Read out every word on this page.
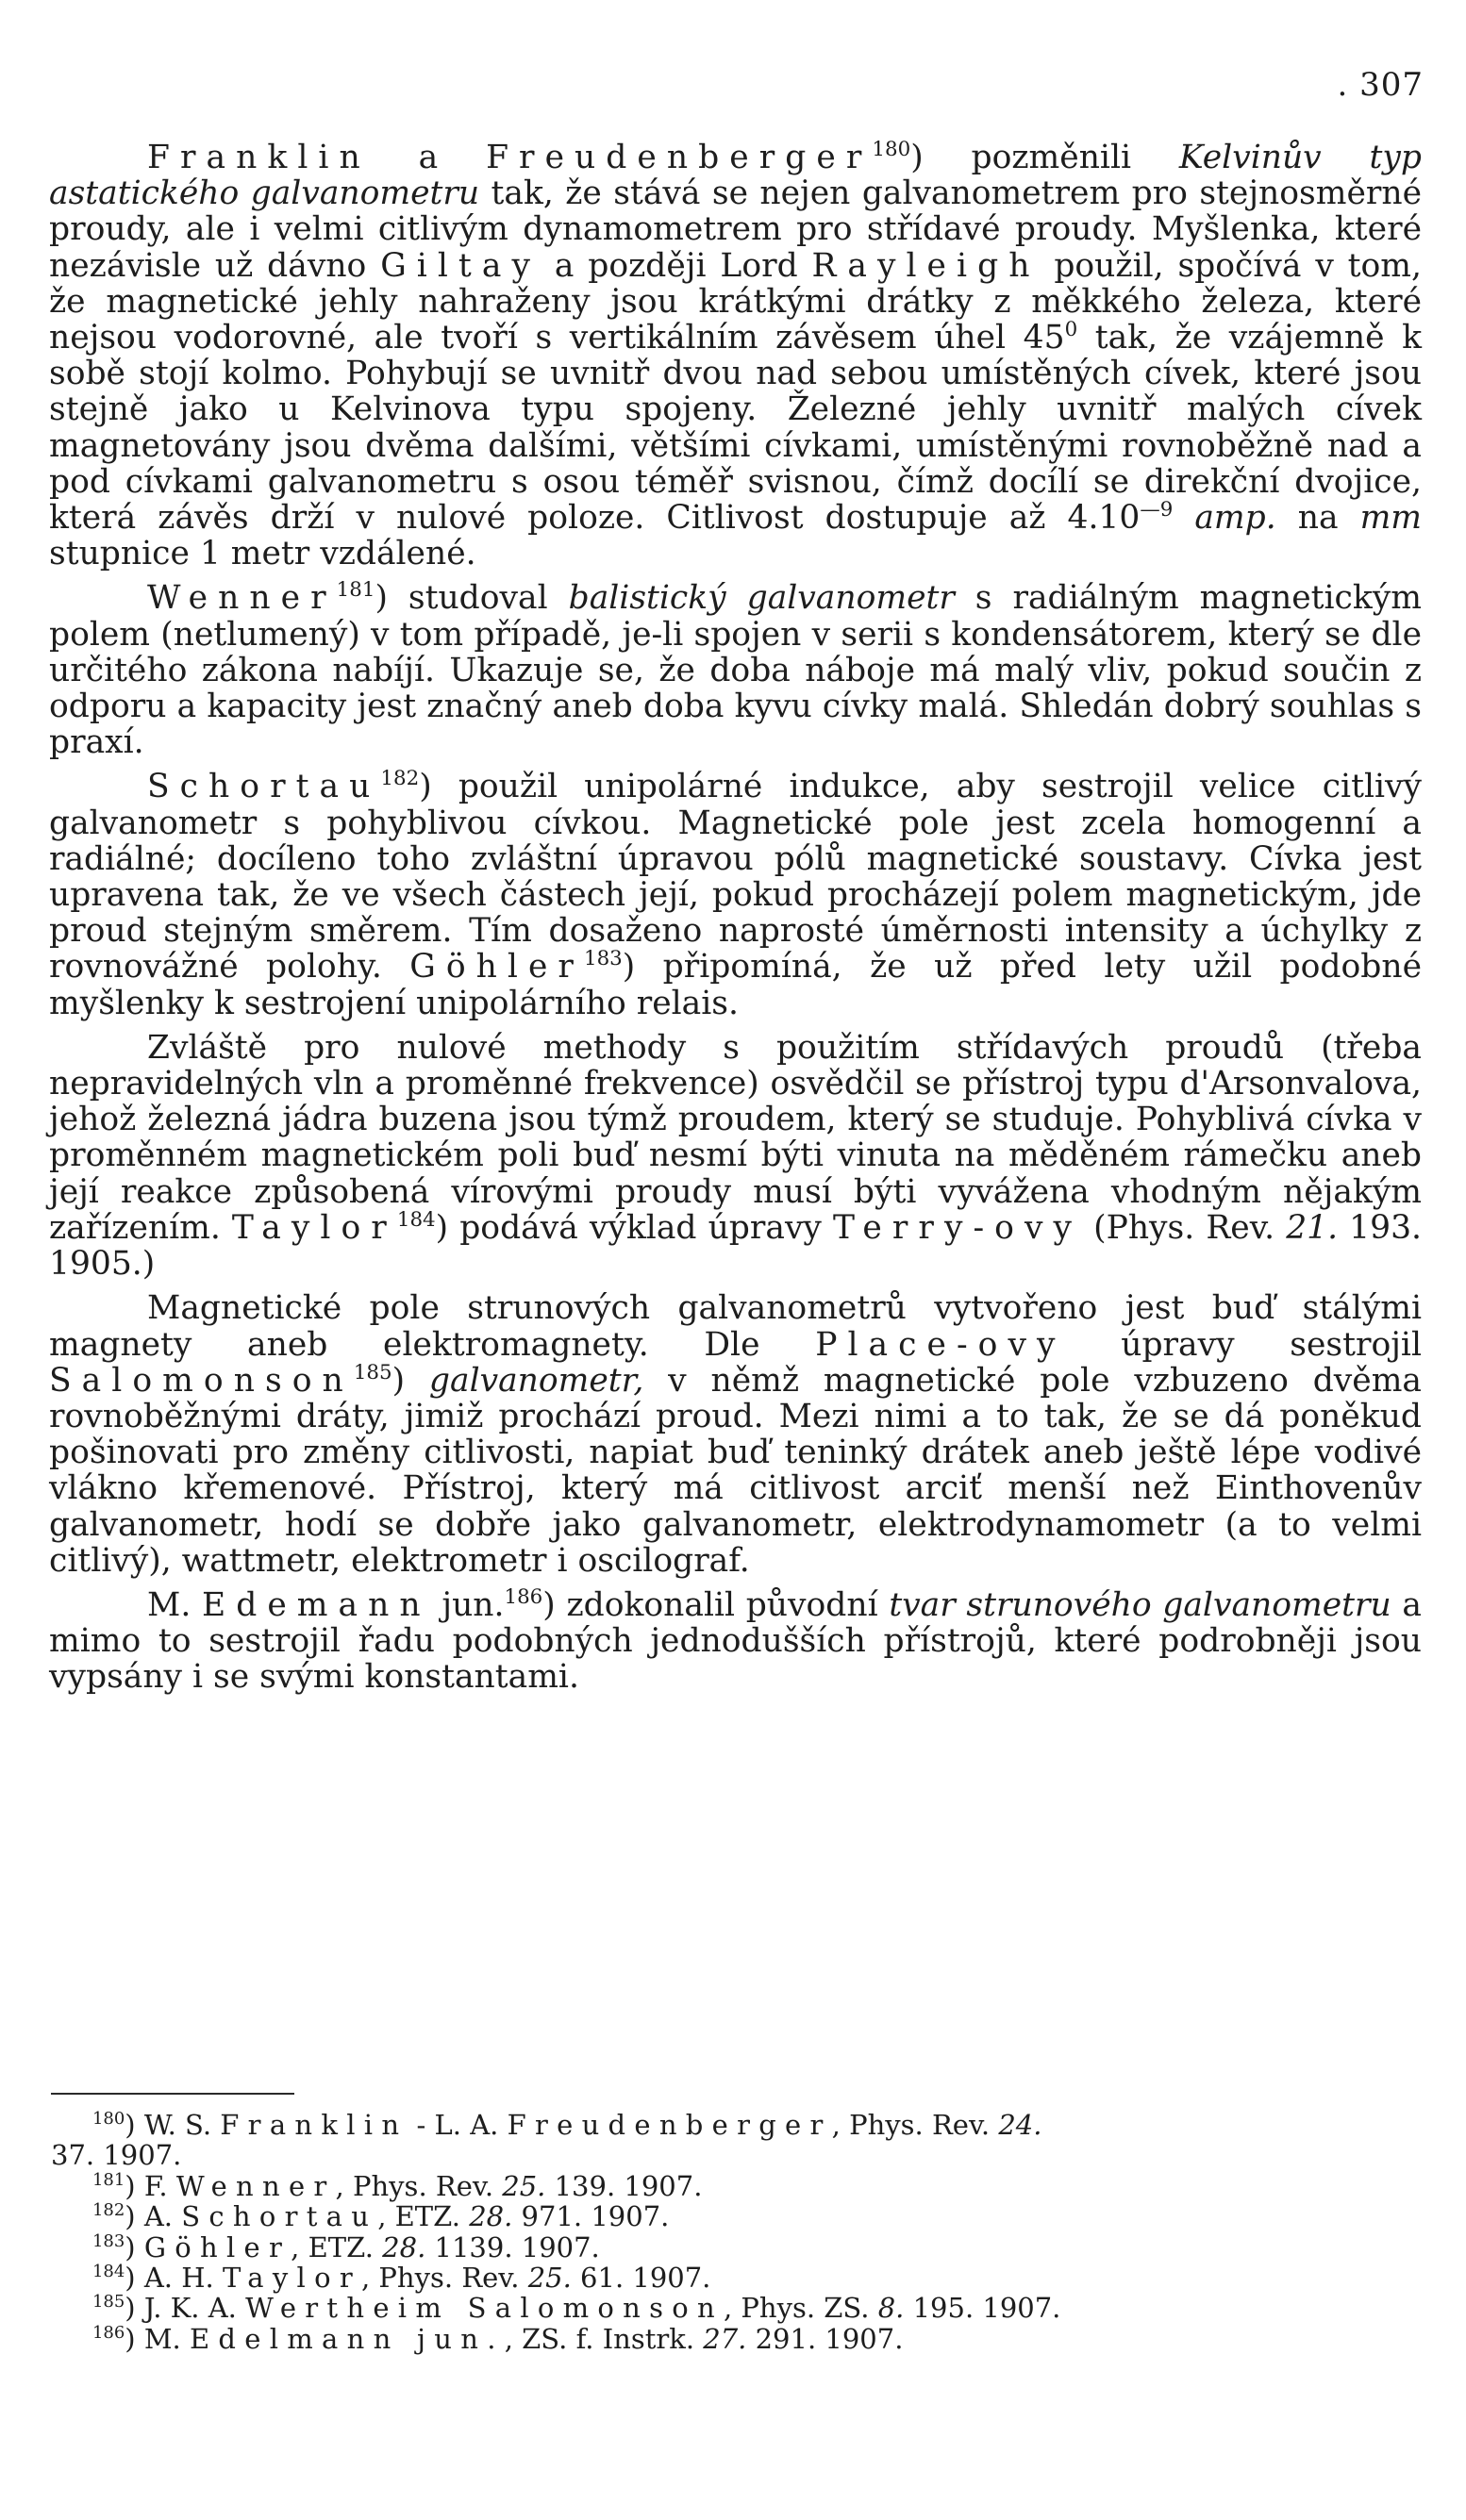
. 307

Franklin a Freudenberger$^{180}$) pozměnili Kelvinův typ astatického galvanometru tak, že stává se nejen galvanometrem pro stejnosměrné proudy, ale i velmi citlivým dynamometrem pro střídavé proudy. Myšlenka, které nezávisle už dávno Giltay a později Lord Rayleigh použil, spočívá v tom, že magnetické jehly nahraženy jsou krátkými drátky z měkkého železa, které nejsou vodorovné, ale tvoří s vertikálním závěsem úhel $45^0$ tak, že vzájemně k sobě stojí kolmo. Pohybují se uvnitř dvou nad sebou umístěných cívek, které jsou stejně jako u Kelvinova typu spojeny. Železné jehly uvnitř malých cívek magnetovány jsou dvěma dalšími, většími cívkami, umístěnými rovnoběžně nad a pod cívkami galvanometru s osou téměř svisnou, čímž docílí se direkční dvojice, která závěs drží v nulové poloze. Citlivost dostupuje až $4.10^{—9}$ amp. na mm stupnice 1 metr vzdálené.

Wenner$^{181}$) studoval balistický galvanometr s radiálným magnetickým polem (netlumený) v tom případě, je-li spojen v serii s kondensátorem, který se dle určitého zákona nabíjí. Ukazuje se, že doba náboje má malý vliv, pokud součin z odporu a kapacity jest značný aneb doba kyvu cívky malá. Shledán dobrý souhlas s praxí.

Schortau$^{182}$) použil unipolárné indukce, aby sestrojil velice citlivý galvanometr s pohyblivou cívkou. Magnetické pole jest zcela homogenní a radiálné; docíleno toho zvláštní úpravou pólů magnetické soustavy. Cívka jest upravena tak, že ve všech částech její, pokud procházejí polem magnetickým, jde proud stejným směrem. Tím dosaženo naprosté úměrnosti intensity a úchylky z rovnovážné polohy. Göhler$^{183}$) připomíná, že už před lety užil podobné myšlenky k sestrojení unipolárního relais.

Zvláště pro nulové methody s použitím střídavých proudů (třeba nepravidelných vln a proměnné frekvence) osvědčil se přístroj typu d'Arsonvalova, jehož železná jádra buzena jsou týmž proudem, který se studuje. Pohyblivá cívka v proměnném magnetickém poli buď nesmí býti vinuta na měděném rámečku aneb její reakce způsobená vírovými proudy musí býti vyvážena vhodným nějakým zařízením. Taylor$^{184}$) podává výklad úpravy Terry-ovy (Phys. Rev. 21. 193. 1905.)

Magnetické pole strunových galvanometrů vytvořeno jest buď stálými magnety aneb elektromagnety. Dle Place-ovy úpravy sestrojil Salomonson$^{185}$) galvanometr, v němž magnetické pole vzbuzeno dvěma rovnoběžnými dráty, jimiž prochází proud. Mezi nimi a to tak, že se dá poněkud pošinovati pro změny citlivosti, napiat buď teninký drátek aneb ještě lépe vodivé vlákno křemenové. Přístroj, který má citlivost arciť menší než Einthovenův galvanometr, hodí se dobře jako galvanometr, elektrodynamometr (a to velmi citlivý), wattmetr, elektrometr i oscilograf.

M. Edemann jun.$^{186}$) zdokonalil původní tvar strunového galvanometru a mimo to sestrojil řadu podobných jednodušších přístrojů, které podrobněji jsou vypsány i se svými konstantami.

$^{180}$) W. S. Franklin - L. A. Freudenberger, Phys. Rev. 24.

37. 1907.

$^{181}$) F. Wenner, Phys. Rev. 25. 139. 1907.

$^{182}$) A. Schortau, ETZ. 28. 971. 1907.

$^{183}$) Göhler, ETZ. 28. 1139. 1907.

$^{184}$) A. H. Taylor, Phys. Rev. 25. 61. 1907.

$^{185}$) J. K. A. Wertheim Salomonson, Phys. ZS. 8. 195. 1907.

$^{186}$) M. Edelmann jun., ZS. f. Instrk. 27. 291. 1907.
